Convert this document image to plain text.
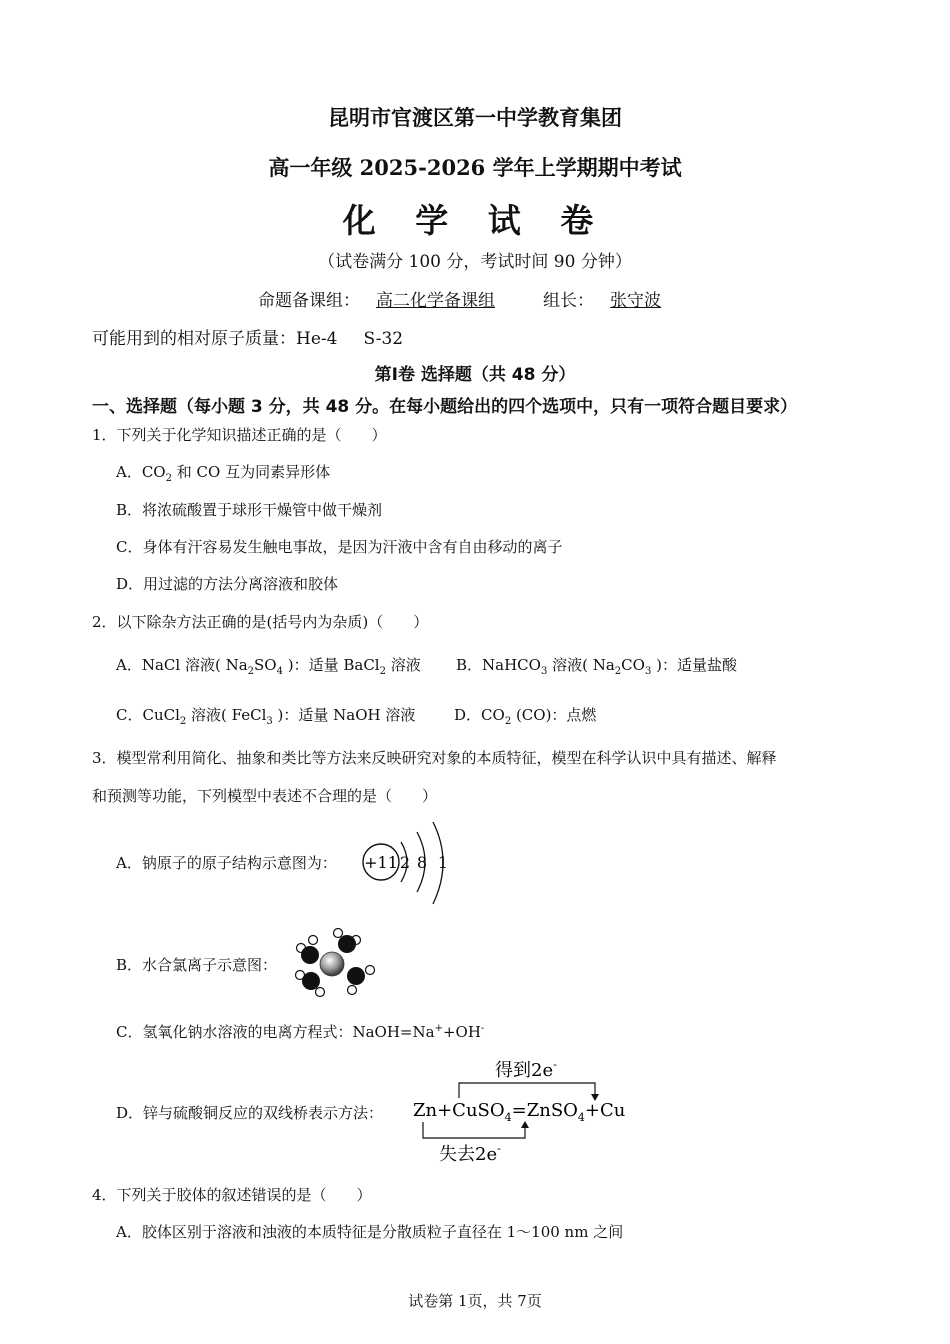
昆明市官渡区第一中学教育集团
高一年级 2025-2026 学年上学期期中考试
化 学 试 卷
（试卷满分 100 分，考试时间 90 分钟）
命题备课组： 高二化学备课组	组长： 张守波
可能用到的相对原子质量：He-4 S-32
第Ⅰ卷 选择题（共 48 分）
一、选择题（每小题 3 分，共 48 分。在每小题给出的四个选项中，只有一项符合题目要求）
1．下列关于化学知识描述正确的是（　　）
A．$CO_2$ 和 CO 互为同素异形体
B．将浓硫酸置于球形干燥管中做干燥剂
C．身体有汗容易发生触电事故，是因为汗液中含有自由移动的离子
D．用过滤的方法分离溶液和胶体
2．以下除杂方法正确的是(括号内为杂质)（　　）
A．NaCl 溶液( $Na_2SO_4$ )：适量 BaCl$_2$ 溶液 B．NaHCO$_3$ 溶液( $Na_2CO_3$ )：适量盐酸
C．CuCl$_2$ 溶液( FeCl$_3$ )：适量 NaOH 溶液	D．$CO_2$ (CO)：点燃
3．模型常利用简化、抽象和类比等方法来反映研究对象的本质特征，模型在科学认识中具有描述、解释
和预测等功能，下列模型中表述不合理的是（　　）
A．钠原子的原子结构示意图为： +11 2 8 1
B．水合氯离子示意图：
C．氢氧化钠水溶液的电离方程式：NaOH=Na++OH-
D．锌与硫酸铜反应的双线桥表示方法：
得到2e-
Zn+CuSO$_4$=ZnSO$_4$+Cu
失去2e-
4．下列关于胶体的叙述错误的是（　　）
A．胶体区别于溶液和浊液的本质特征是分散质粒子直径在 1～100 nm 之间
试卷第 1页，共 7页
